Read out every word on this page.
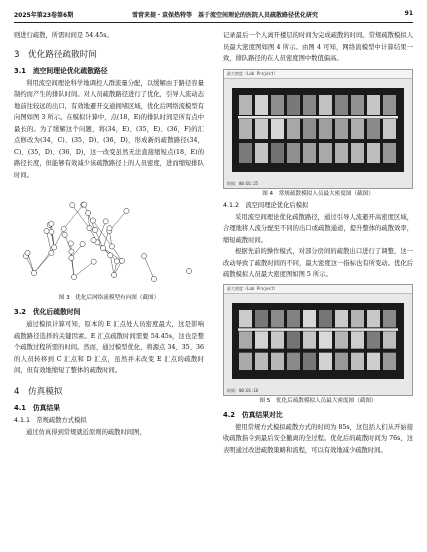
2025年第23卷第6期	雪营来提・袁保热特等　基于流空间理论的医院人员疏散路径优化研究	91

则进行疏散，所需时间是 54.45s。

3　优化路径疏散时间
3.1　流空间理论优化疏散路径

利用流空间理论科学地调控人群流量分配，以缓解由于路径容量制约而产生的排队时间。对人员疏散路径进行了优化，引导人流动态地前往较远的出口，有效地避开交通拥堵区域，优化后网络流模型有向图如图 3 所示。在模拟计算中，点(18，E)的排队时间是所有点中最长的。为了缓解这个问题，将(34，E)、(35，E)、(36，F)的汇点修改为(34，C)、(35，D)、(36，D)，形成新的疏散路径(34，C)、(35，D)、(36，D)，这一改变虽然无法直接缩短点(18，E)的路径长度，但能够有效减少该疏散路径上的人员密度，进而缩短排队时间。

图 3　优化后网络流模型有向图（截图）

3.2　优化后疏散时间

通过模拟计算可知，原本的 E 汇点处人员密度最大，这是影响疏散路径选择的关键因素。E 汇点疏散时间需要 54.45s，这也是整个疏散过程所需的时间。然而，通过模型优化，将源点 34、35、36 的人员转移到 C 汇点和 D 汇点，虽然并未改变 E 汇点的疏散时间，但有效地缩短了整体的疏散时间。

4　仿真模拟
4.1　仿真结果
4.1.1　常规疏散方式模拟

通过仿真得到常规就近原则的疏散时间图，

记录最后一个人离开楼层的时间为完成疏散的时间。常规疏散模拟人员最大密度图如图 4 所示。由图 4 可知，网络流模型中计算结果一致，排队路径的在人员密度图中数值偏高。

最大密度（Lab Project）
时间：00:01:25

图 4　常规疏散模拟人员最大密度图（截图）

4.1.2　流空间理论优化后模拟

采用流空间理论优化疏散路径，通过引导人流避开高密度区域，合理地将人流分配至不同的出口或疏散通道，提升整体的疏散效率，缩短疏散时间。

根据先前的操作模式，对部分房间的疏散出口进行了调整，这一改动导致了疏散时间的不同，最大密度这一指标也有所变动。优化后疏散模拟人员最大密度图如图 5 所示。

最大密度（Lab Project）
时间：00:01:16

图 5　优化后疏散模拟人员最大密度图（截图）

4.2　仿真结果对比

使用常规方式模拟疏散方式的时间为 85s，这包括人们从开始接收疏散指令到最后安全撤离的全过程。优化后的疏散时间为 76s，这表明通过改进疏散策略和流程，可以有效地减少疏散时间。
